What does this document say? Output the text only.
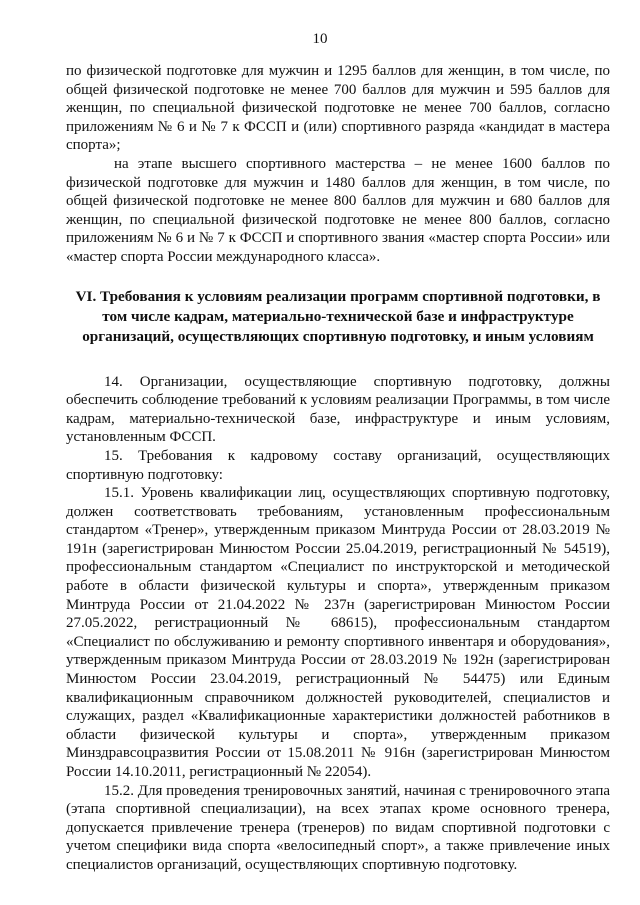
10

по физической подготовке для мужчин и 1295 баллов для женщин, в том числе, по общей физической подготовке не менее 700 баллов для мужчин и 595 баллов для женщин, по специальной физической подготовке не менее 700 баллов, согласно приложениям № 6 и № 7 к ФССП и (или) спортивного разряда «кандидат в мастера спорта»;

на этапе высшего спортивного мастерства – не менее 1600 баллов по физической подготовке для мужчин и 1480 баллов для женщин, в том числе, по общей физической подготовке не менее 800 баллов для мужчин и 680 баллов для женщин, по специальной физической подготовке не менее 800 баллов, согласно приложениям № 6 и № 7 к ФССП и спортивного звания «мастер спорта России» или «мастер спорта России международного класса».

VI. Требования к условиям реализации программ спортивной подготовки, в том числе кадрам, материально-технической базе и инфраструктуре организаций, осуществляющих спортивную подготовку, и иным условиям

14. Организации, осуществляющие спортивную подготовку, должны обеспечить соблюдение требований к условиям реализации Программы, в том числе кадрам, материально-технической базе, инфраструктуре и иным условиям, установленным ФССП.

15. Требования к кадровому составу организаций, осуществляющих спортивную подготовку:

15.1. Уровень квалификации лиц, осуществляющих спортивную подготовку, должен соответствовать требованиям, установленным профессиональным стандартом «Тренер», утвержденным приказом Минтруда России от 28.03.2019 № 191н (зарегистрирован Минюстом России 25.04.2019, регистрационный № 54519), профессиональным стандартом «Специалист по инструкторской и методической работе в области физической культуры и спорта», утвержденным приказом Минтруда России от 21.04.2022 № 237н (зарегистрирован Минюстом России 27.05.2022, регистрационный № 68615), профессиональным стандартом «Специалист по обслуживанию и ремонту спортивного инвентаря и оборудования», утвержденным приказом Минтруда России от 28.03.2019 № 192н (зарегистрирован Минюстом России 23.04.2019, регистрационный № 54475) или Единым квалификационным справочником должностей руководителей, специалистов и служащих, раздел «Квалификационные характеристики должностей работников в области физической культуры и спорта», утвержденным приказом Минздравсоцразвития России от 15.08.2011 № 916н (зарегистрирован Минюстом России 14.10.2011, регистрационный № 22054).

15.2. Для проведения тренировочных занятий, начиная с тренировочного этапа (этапа спортивной специализации), на всех этапах кроме основного тренера, допускается привлечение тренера (тренеров) по видам спортивной подготовки с учетом специфики вида спорта «велосипедный спорт», а также привлечение иных специалистов организаций, осуществляющих спортивную подготовку.
